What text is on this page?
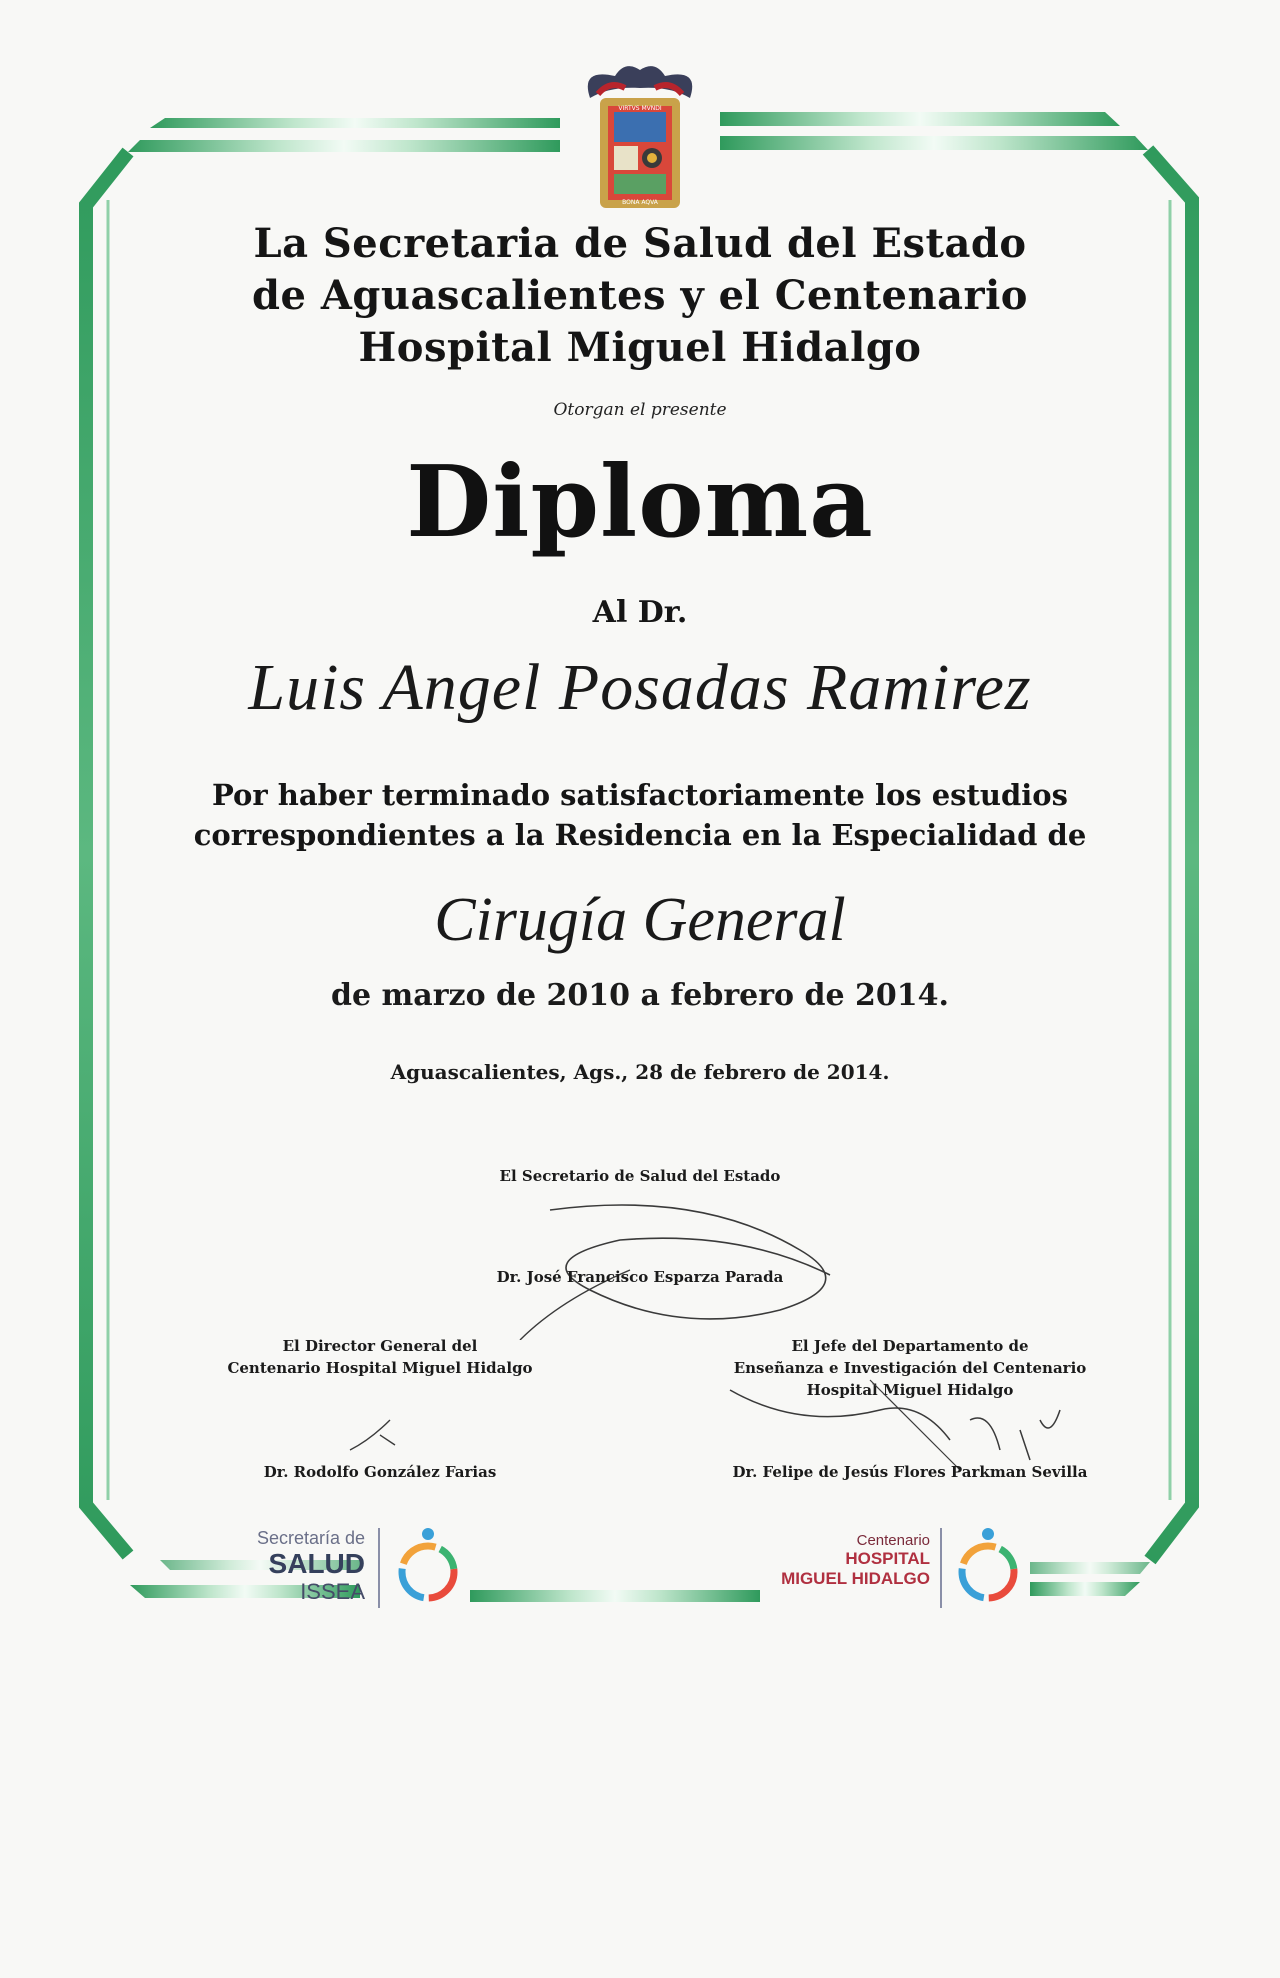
VIRTVS MVNDI
BONA AQVA
La Secretaria de Salud del Estado
de Aguascalientes y el Centenario
Hospital Miguel Hidalgo
Otorgan el presente
Diploma
Al Dr.
Luis Angel Posadas Ramirez
Por haber terminado satisfactoriamente los estudios
correspondientes a la Residencia en la Especialidad de
Cirugía General
de marzo de 2010 a febrero de 2014.
Aguascalientes, Ags., 28 de febrero de 2014.
El Secretario de Salud del Estado
Dr. José Francisco Esparza Parada
El Director General del
Centenario Hospital Miguel Hidalgo
Dr. Rodolfo González Farias
El Jefe del Departamento de
Enseñanza e Investigación del Centenario
Hospital Miguel Hidalgo
Dr. Felipe de Jesús Flores Parkman Sevilla
Secretaría de
SALUD
ISSEA
Centenario
HOSPITAL
MIGUEL HIDALGO
